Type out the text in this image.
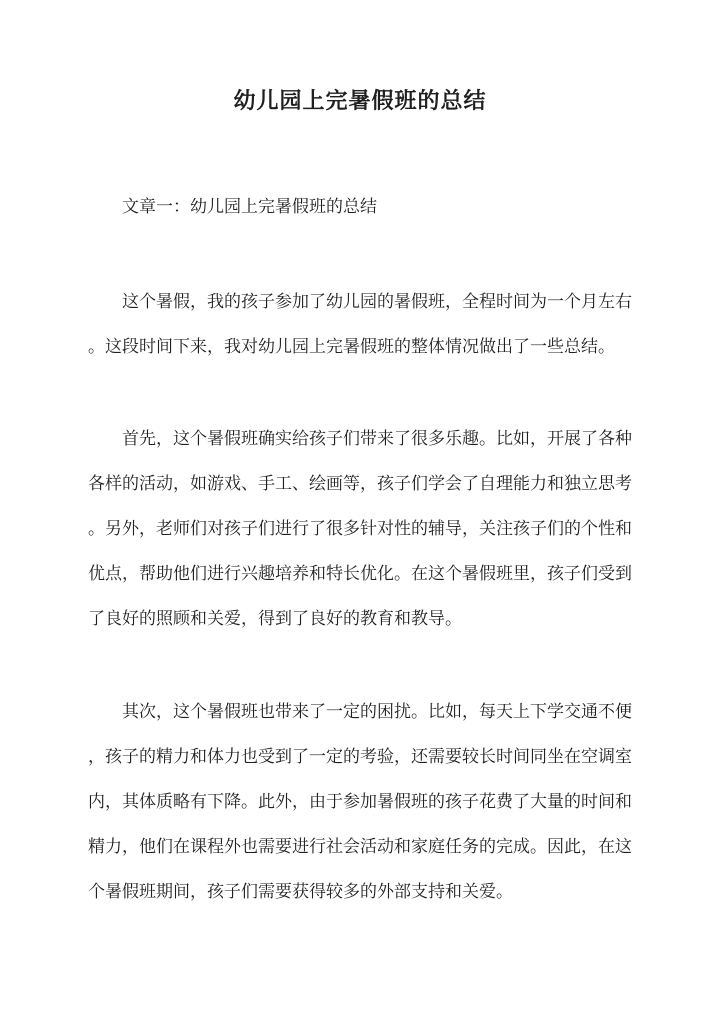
幼儿园上完暑假班的总结
文章一：幼儿园上完暑假班的总结
这个暑假，我的孩子参加了幼儿园的暑假班，全程时间为一个月左右
。这段时间下来，我对幼儿园上完暑假班的整体情况做出了一些总结。
首先，这个暑假班确实给孩子们带来了很多乐趣。比如，开展了各种
各样的活动，如游戏、手工、绘画等，孩子们学会了自理能力和独立思考
。另外，老师们对孩子们进行了很多针对性的辅导，关注孩子们的个性和
优点，帮助他们进行兴趣培养和特长优化。在这个暑假班里，孩子们受到
了良好的照顾和关爱，得到了良好的教育和教导。
其次，这个暑假班也带来了一定的困扰。比如，每天上下学交通不便
，孩子的精力和体力也受到了一定的考验，还需要较长时间同坐在空调室
内，其体质略有下降。此外，由于参加暑假班的孩子花费了大量的时间和
精力，他们在课程外也需要进行社会活动和家庭任务的完成。因此，在这
个暑假班期间，孩子们需要获得较多的外部支持和关爱。
